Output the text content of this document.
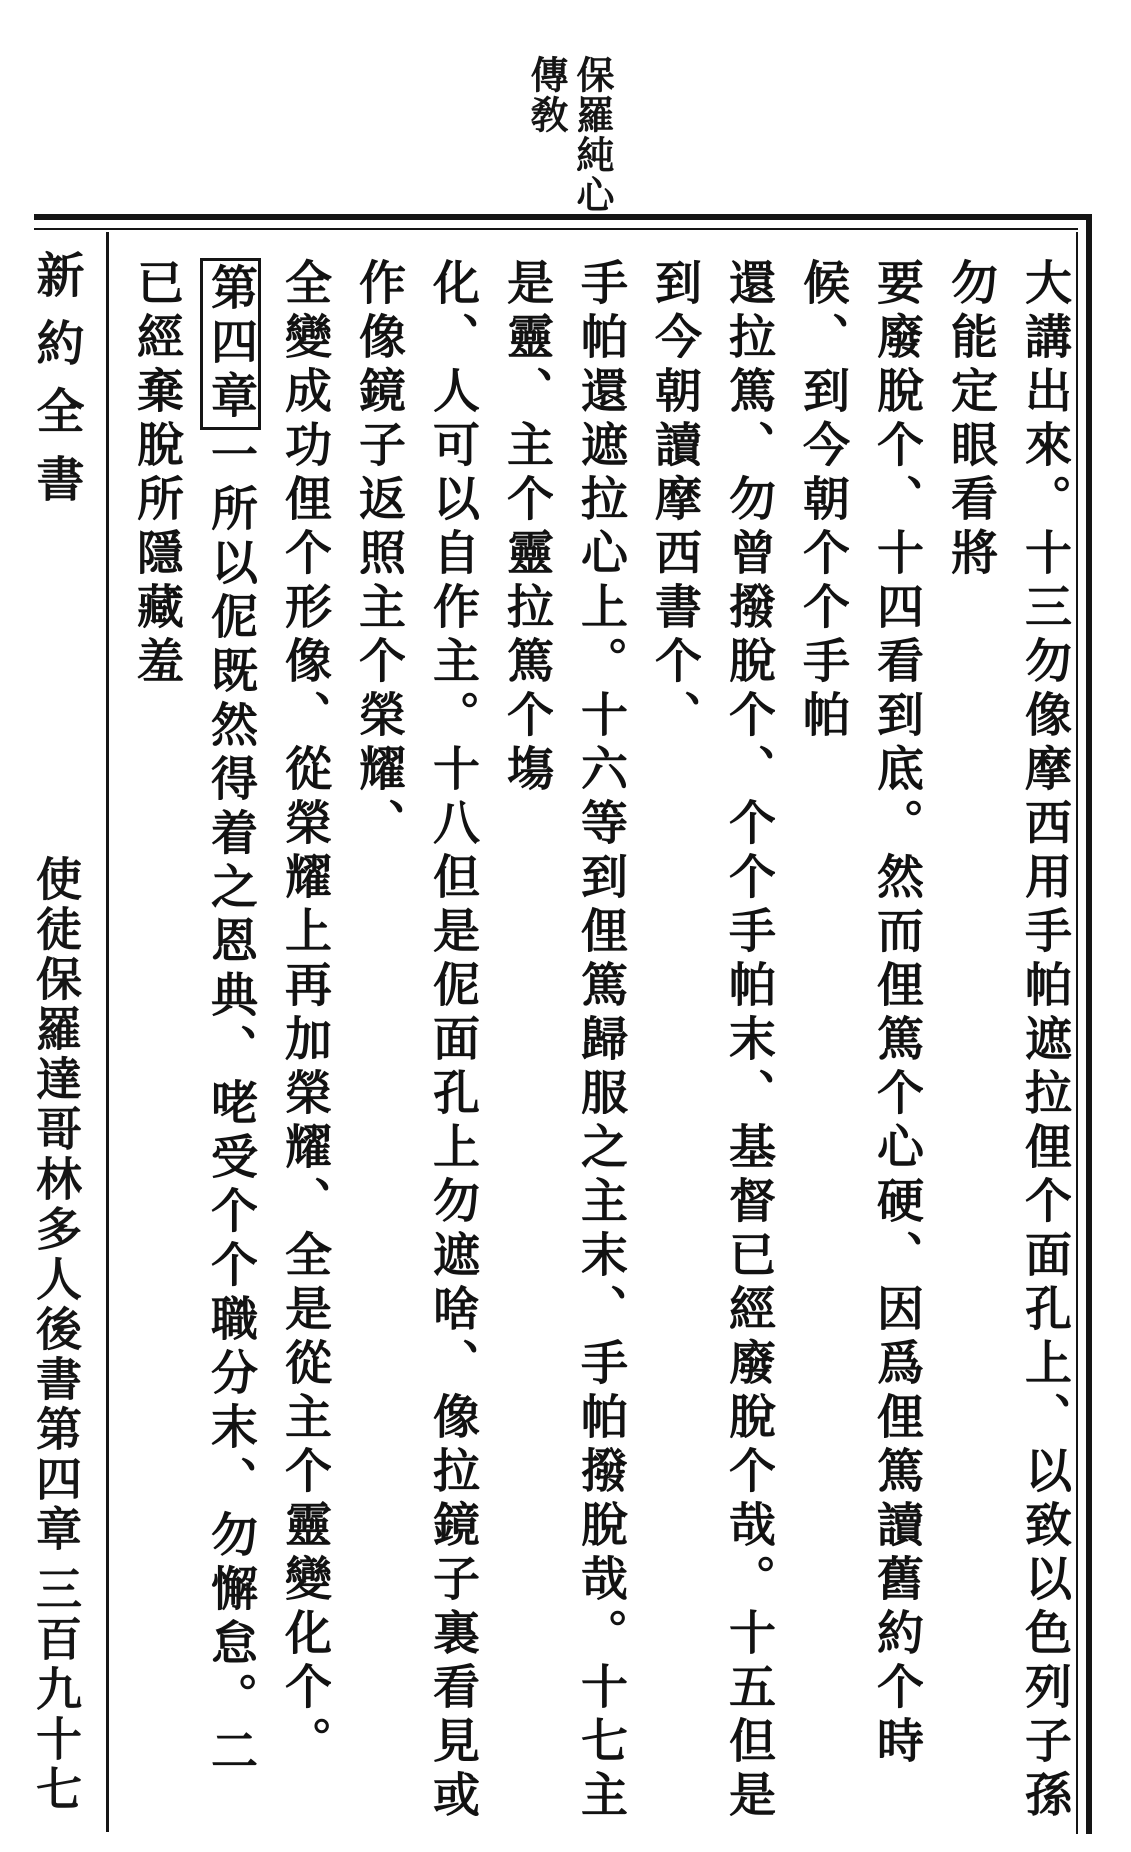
保羅純心
傳敎
大講出來。十三勿像摩西用手帕遮拉俚个面孔上、以致以色列子孫勿能定眼看將
要廢脫个、十四看到底。然而俚篤个心硬、因爲俚篤讀舊約个時候、到今朝个个手帕
還拉篤、勿曾撥脫个、个个手帕末、基督已經廢脫个哉。十五但是到今朝讀摩西書个、
手帕還遮拉心上。十六等到俚篤歸服之主末、手帕撥脫哉。十七主是靈、主个靈拉篤个塲
化、人可以自作主。十八但是伲面孔上勿遮啥、像拉鏡子裏看見或作像鏡子返照主个榮耀、
全變成功俚个形像、從榮耀上再加榮耀、全是從主个靈變化个。
第四章一所以伲既然得着之恩典、咾受个个職分末、勿懈怠。二已經棄脫所隱藏羞
新約全書
使徒保羅達哥林多人後書第四章
三百九十七
